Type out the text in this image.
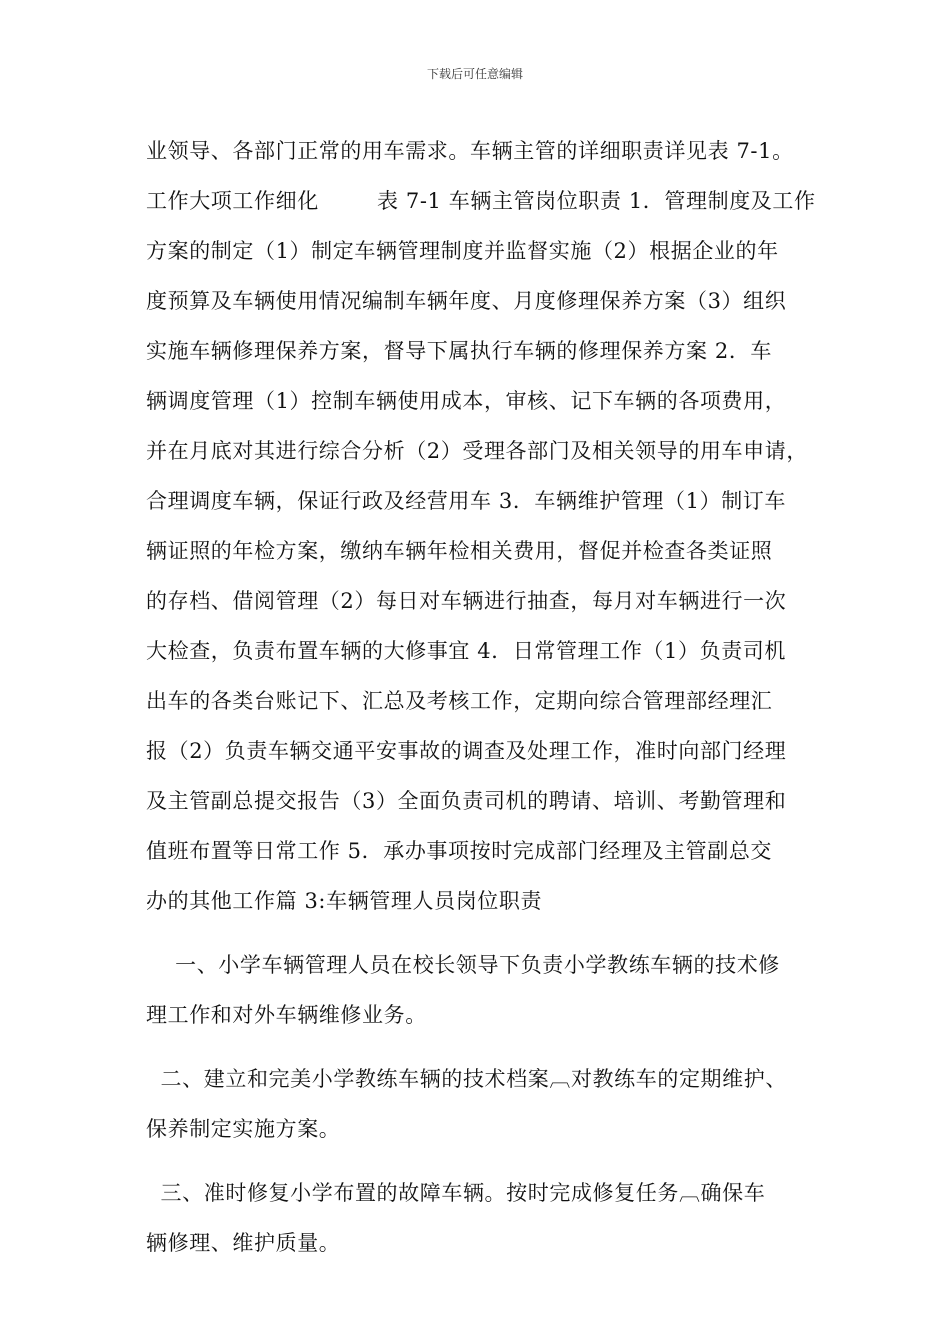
下载后可任意编辑
业领导、各部门正常的用车需求。车辆主管的详细职责详见表 7-1。
工作大项工作细化        表 7-1 车辆主管岗位职责 1．管理制度及工作
方案的制定（1）制定车辆管理制度并监督实施（2）根据企业的年
度预算及车辆使用情况编制车辆年度、月度修理保养方案（3）组织
实施车辆修理保养方案，督导下属执行车辆的修理保养方案 2．车
辆调度管理（1）控制车辆使用成本，审核、记下车辆的各项费用，
并在月底对其进行综合分析（2）受理各部门及相关领导的用车申请，
合理调度车辆，保证行政及经营用车 3．车辆维护管理（1）制订车
辆证照的年检方案，缴纳车辆年检相关费用，督促并检查各类证照
的存档、借阅管理（2）每日对车辆进行抽查，每月对车辆进行一次
大检查，负责布置车辆的大修事宜 4．日常管理工作（1）负责司机
出车的各类台账记下、汇总及考核工作，定期向综合管理部经理汇
报（2）负责车辆交通平安事故的调查及处理工作，准时向部门经理
及主管副总提交报告（3）全面负责司机的聘请、培训、考勤管理和
值班布置等日常工作 5．承办事项按时完成部门经理及主管副总交
办的其他工作篇 3:车辆管理人员岗位职责
一、小学车辆管理人员在校长领导下负责小学教练车辆的技术修
理工作和对外车辆维修业务。
二、建立和完美小学教练车辆的技术档案︹对教练车的定期维护、
保养制定实施方案。
三、准时修复小学布置的故障车辆。按时完成修复任务︹确保车
辆修理、维护质量。
